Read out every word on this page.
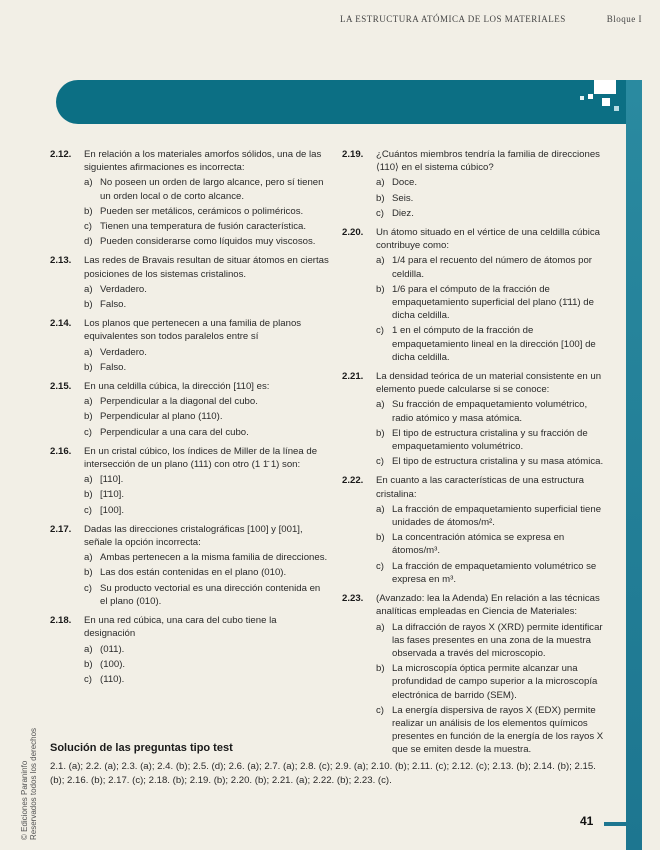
LA ESTRUCTURA ATÓMICA DE LOS MATERIALES	Bloque I
2.12. En relación a los materiales amorfos sólidos, una de las siguientes afirmaciones es incorrecta:
a) No poseen un orden de largo alcance, pero sí tienen un orden local o de corto alcance.
b) Pueden ser metálicos, cerámicos o poliméricos.
c) Tienen una temperatura de fusión característica.
d) Pueden considerarse como líquidos muy viscosos.
2.13. Las redes de Bravais resultan de situar átomos en ciertas posiciones de los sistemas cristalinos.
a) Verdadero.
b) Falso.
2.14. Los planos que pertenecen a una familia de planos equivalentes son todos paralelos entre sí
a) Verdadero.
b) Falso.
2.15. En una celdilla cúbica, la dirección [110] es:
a) Perpendicular a la diagonal del cubo.
b) Perpendicular al plano (110).
c) Perpendicular a una cara del cubo.
2.16. En un cristal cúbico, los índices de Miller de la línea de intersección de un plano (111) con otro (1 1̄ 1) son:
a) [110].
b) [1̄10].
c) [100].
2.17. Dadas las direcciones cristalográficas [100] y [001], señale la opción incorrecta:
a) Ambas pertenecen a la misma familia de direcciones.
b) Las dos están contenidas en el plano (010).
c) Su producto vectorial es una dirección contenida en el plano (010).
2.18. En una red cúbica, una cara del cubo tiene la designación
a) (011).
b) (100).
c) (110).
2.19. ¿Cuántos miembros tendría la familia de direcciones ⟨110⟩ en el sistema cúbico?
a) Doce.
b) Seis.
c) Diez.
2.20. Un átomo situado en el vértice de una celdilla cúbica contribuye como:
a) 1/4 para el recuento del número de átomos por celdilla.
b) 1/6 para el cómputo de la fracción de empaquetamiento superficial del plano (1̄11) de dicha celdilla.
c) 1 en el cómputo de la fracción de empaquetamiento lineal en la dirección [100] de dicha celdilla.
2.21. La densidad teórica de un material consistente en un elemento puede calcularse si se conoce:
a) Su fracción de empaquetamiento volumétrico, radio atómico y masa atómica.
b) El tipo de estructura cristalina y su fracción de empaquetamiento volumétrico.
c) El tipo de estructura cristalina y su masa atómica.
2.22. En cuanto a las características de una estructura cristalina:
a) La fracción de empaquetamiento superficial tiene unidades de átomos/m².
b) La concentración atómica se expresa en átomos/m³.
c) La fracción de empaquetamiento volumétrico se expresa en m³.
2.23. (Avanzado: lea la Adenda) En relación a las técnicas analíticas empleadas en Ciencia de Materiales:
a) La difracción de rayos X (XRD) permite identificar las fases presentes en una zona de la muestra observada a través del microscopio.
b) La microscopía óptica permite alcanzar una profundidad de campo superior a la microscopía electrónica de barrido (SEM).
c) La energía dispersiva de rayos X (EDX) permite realizar un análisis de los elementos químicos presentes en función de la energía de los rayos X que se emiten desde la muestra.
Solución de las preguntas tipo test
2.1. (a); 2.2. (a); 2.3. (a); 2.4. (b); 2.5. (d); 2.6. (a); 2.7. (a); 2.8. (c); 2.9. (a); 2.10. (b); 2.11. (c); 2.12. (c); 2.13. (b); 2.14. (b); 2.15. (b); 2.16. (b); 2.17. (c); 2.18. (b); 2.19. (b); 2.20. (b); 2.21. (a); 2.22. (b); 2.23. (c).
© Ediciones Paraninfo Reservados todos los derechos	41
